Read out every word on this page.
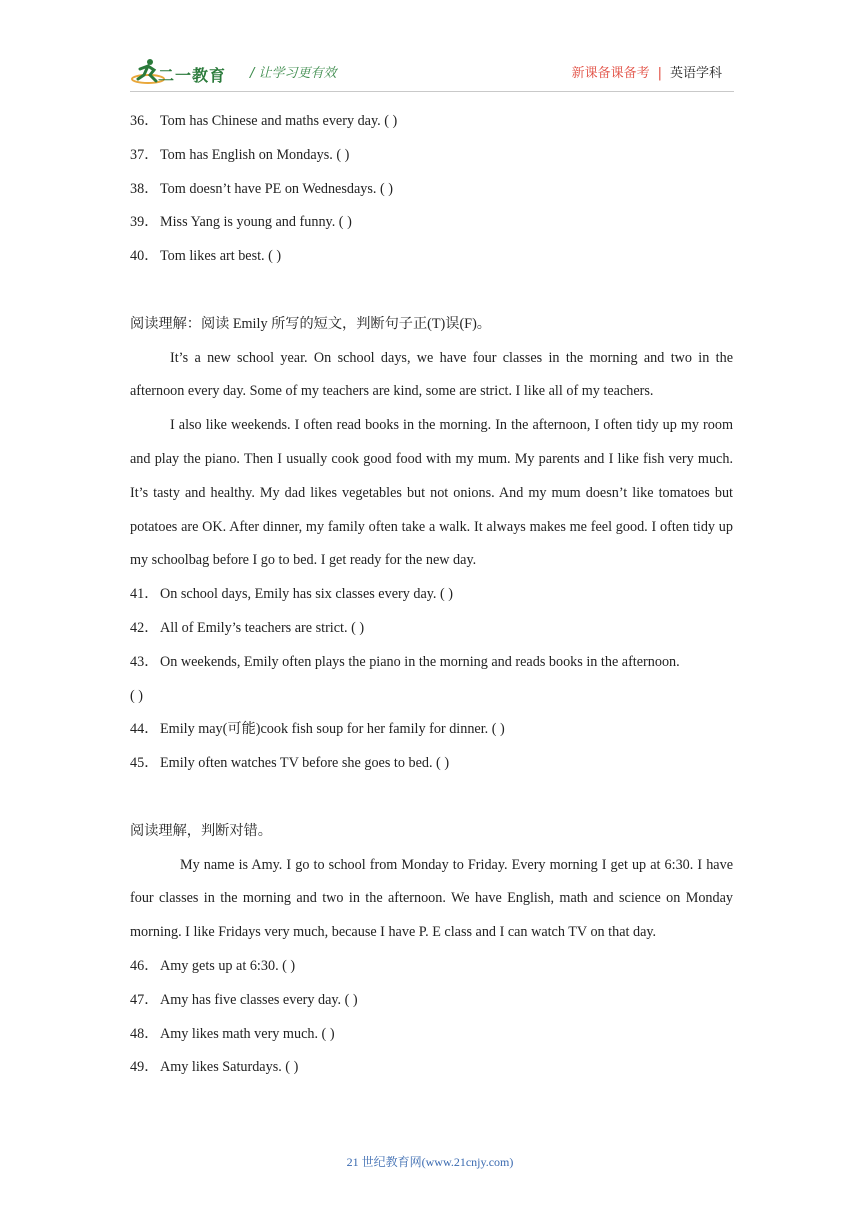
二一教育 / 让学习更有效	新课备课备考 | 英语学科
36． Tom has Chinese and maths every day. ( )
37． Tom has English on Mondays. ( )
38． Tom doesn’t have PE on Wednesdays. ( )
39． Miss Yang is young and funny. ( )
40． Tom likes art best. ( )
阅读理解：阅读 Emily 所写的短文，判断句子正(T)误(F)。

It’s a new school year. On school days, we have four classes in the morning and two in the afternoon every day. Some of my teachers are kind, some are strict. I like all of my teachers.

I also like weekends. I often read books in the morning. In the afternoon, I often tidy up my room and play the piano. Then I usually cook good food with my mum. My parents and I like fish very much. It’s tasty and healthy. My dad likes vegetables but not onions. And my mum doesn’t like tomatoes but potatoes are OK. After dinner, my family often take a walk. It always makes me feel good. I often tidy up my schoolbag before I go to bed. I get ready for the new day.

41． On school days, Emily has six classes every day. ( )
42． All of Emily’s teachers are strict. ( )
43． On weekends, Emily often plays the piano in the morning and reads books in the afternoon.
( )
44． Emily may(可能)cook fish soup for her family for dinner. ( )
45． Emily often watches TV before she goes to bed. ( )
阅读理解，判断对错。

My name is Amy. I go to school from Monday to Friday. Every morning I get up at 6:30. I have four classes in the morning and two in the afternoon. We have English, math and science on Monday morning. I like Fridays very much, because I have P. E class and I can watch TV on that day.

46． Amy gets up at 6:30. ( )
47． Amy has five classes every day. ( )
48． Amy likes math very much. ( )
49． Amy likes Saturdays. ( )
21 世纪教育网(www.21cnjy.com)
